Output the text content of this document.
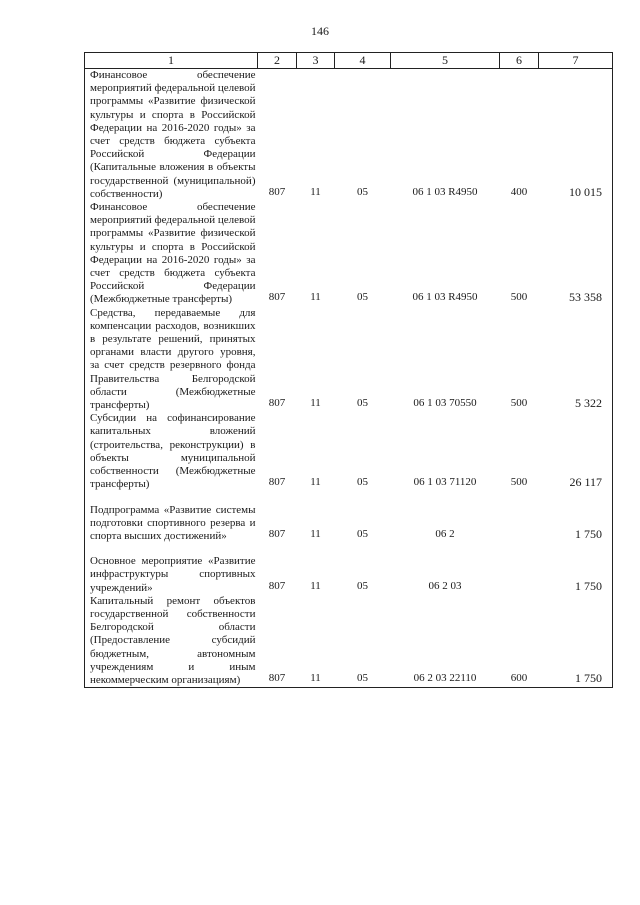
146
1	2	3	4	5	6	7
Финансовое обеспечение мероприятий федеральной целевой программы «Развитие физической культуры и спорта в Российской Федерации на 2016-2020 годы» за счет средств бюджета субъекта Российской Федерации (Капитальные вложения в объекты государственной (муниципальной) собственности)	807	11	05	06 1 03 R4950	400	10 015
Финансовое обеспечение мероприятий федеральной целевой программы «Развитие физической культуры и спорта в Российской Федерации на 2016-2020 годы» за счет средств бюджета субъекта Российской Федерации (Межбюджетные трансферты)	807	11	05	06 1 03 R4950	500	53 358
Средства, передаваемые для компенсации расходов, возникших в результате решений, принятых органами власти другого уровня, за счет средств резервного фонда Правительства Белгородской области (Межбюджетные трансферты)	807	11	05	06 1 03 70550	500	5 322
Субсидии на софинансирование капитальных вложений (строительства, реконструкции) в объекты муниципальной собственности (Межбюджетные трансферты)	807	11	05	06 1 03 71120	500	26 117

Подпрограмма «Развитие системы подготовки спортивного резерва и спорта высших достижений»	807	11	05	06 2		1 750

Основное мероприятие «Развитие инфраструктуры спортивных учреждений»	807	11	05	06 2 03		1 750
Капитальный ремонт объектов государственной собственности Белгородской области (Предоставление субсидий бюджетным, автономным учреждениям и иным некоммерческим организациям)	807	11	05	06 2 03 22110	600	1 750
